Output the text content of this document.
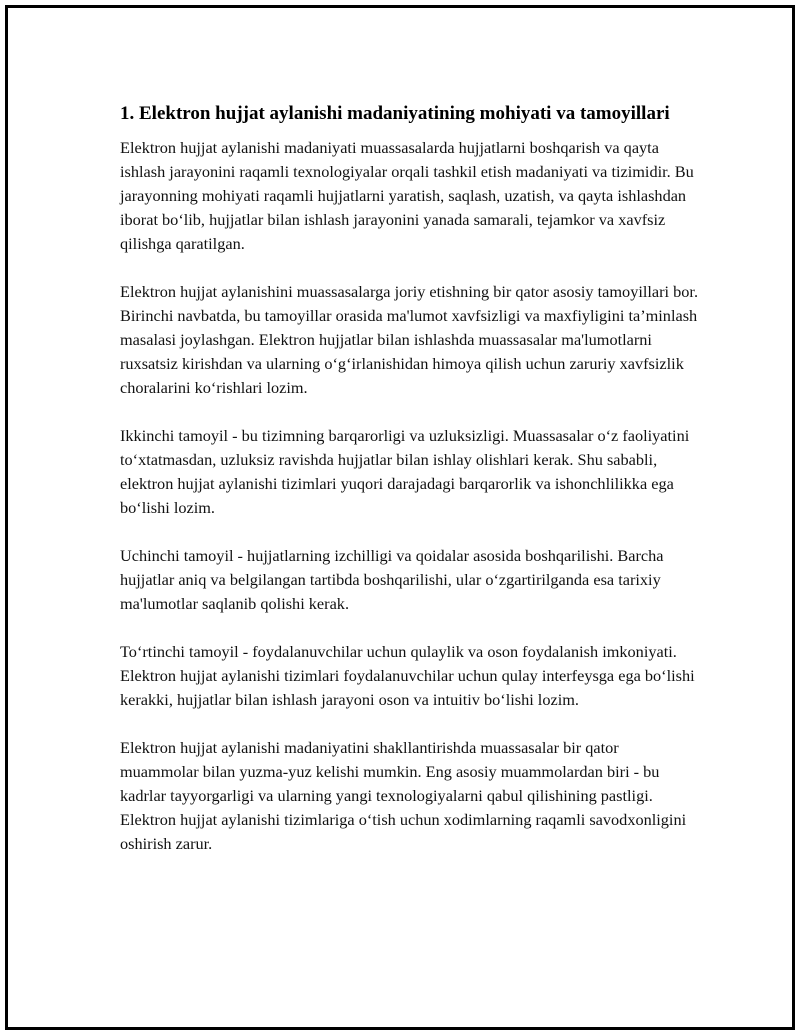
1. Elektron hujjat aylanishi madaniyatining mohiyati va tamoyillari

Elektron hujjat aylanishi madaniyati muassasalarda hujjatlarni boshqarish va qayta ishlash jarayonini raqamli texnologiyalar orqali tashkil etish madaniyati va tizimidir. Bu jarayonning mohiyati raqamli hujjatlarni yaratish, saqlash, uzatish, va qayta ishlashdan iborat bo‘lib, hujjatlar bilan ishlash jarayonini yanada samarali, tejamkor va xavfsiz qilishga qaratilgan.

Elektron hujjat aylanishini muassasalarga joriy etishning bir qator asosiy tamoyillari bor. Birinchi navbatda, bu tamoyillar orasida ma'lumot xavfsizligi va maxfiyligini ta’minlash masalasi joylashgan. Elektron hujjatlar bilan ishlashda muassasalar ma'lumotlarni ruxsatsiz kirishdan va ularning o‘g‘irlanishidan himoya qilish uchun zaruriy xavfsizlik choralarini ko‘rishlari lozim.

Ikkinchi tamoyil - bu tizimning barqarorligi va uzluksizligi. Muassasalar o‘z faoliyatini to‘xtatmasdan, uzluksiz ravishda hujjatlar bilan ishlay olishlari kerak. Shu sababli, elektron hujjat aylanishi tizimlari yuqori darajadagi barqarorlik va ishonchlilikka ega bo‘lishi lozim.

Uchinchi tamoyil - hujjatlarning izchilligi va qoidalar asosida boshqarilishi. Barcha hujjatlar aniq va belgilangan tartibda boshqarilishi, ular o‘zgartirilganda esa tarixiy ma'lumotlar saqlanib qolishi kerak.

To‘rtinchi tamoyil - foydalanuvchilar uchun qulaylik va oson foydalanish imkoniyati. Elektron hujjat aylanishi tizimlari foydalanuvchilar uchun qulay interfeysga ega bo‘lishi kerakki, hujjatlar bilan ishlash jarayoni oson va intuitiv bo‘lishi lozim.

Elektron hujjat aylanishi madaniyatini shakllantirishda muassasalar bir qator muammolar bilan yuzma-yuz kelishi mumkin. Eng asosiy muammolardan biri - bu kadrlar tayyorgarligi va ularning yangi texnologiyalarni qabul qilishining pastligi. Elektron hujjat aylanishi tizimlariga o‘tish uchun xodimlarning raqamli savodxonligini oshirish zarur.
